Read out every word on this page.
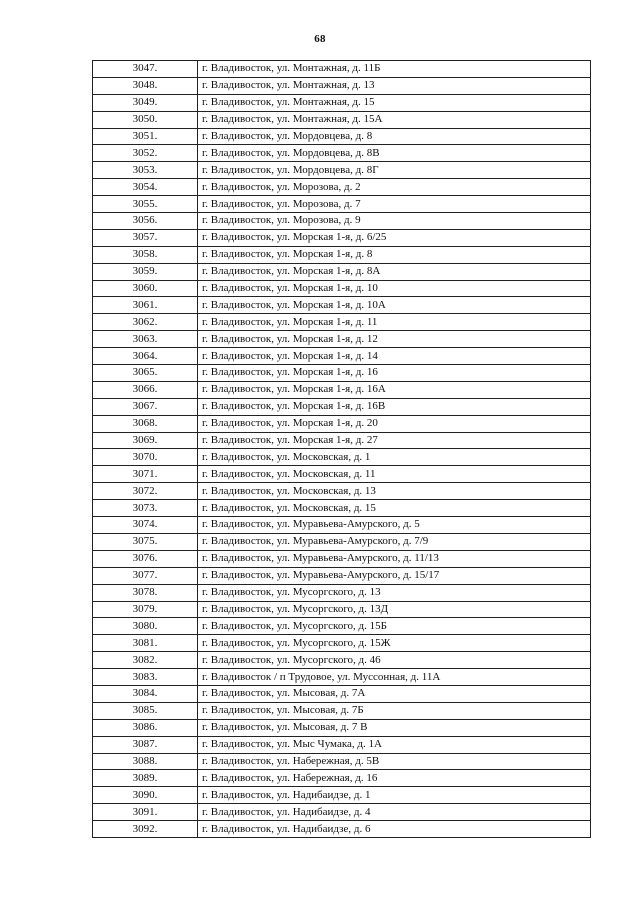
68
3047.	г. Владивосток, ул. Монтажная, д. 11Б
3048.	г. Владивосток, ул. Монтажная, д. 13
3049.	г. Владивосток, ул. Монтажная, д. 15
3050.	г. Владивосток, ул. Монтажная, д. 15А
3051.	г. Владивосток, ул. Мордовцева, д. 8
3052.	г. Владивосток, ул. Мордовцева, д. 8В
3053.	г. Владивосток, ул. Мордовцева, д. 8Г
3054.	г. Владивосток, ул. Морозова, д. 2
3055.	г. Владивосток, ул. Морозова, д. 7
3056.	г. Владивосток, ул. Морозова, д. 9
3057.	г. Владивосток, ул. Морская 1-я, д. 6/25
3058.	г. Владивосток, ул. Морская 1-я, д. 8
3059.	г. Владивосток, ул. Морская 1-я, д. 8А
3060.	г. Владивосток, ул. Морская 1-я, д. 10
3061.	г. Владивосток, ул. Морская 1-я, д. 10А
3062.	г. Владивосток, ул. Морская 1-я, д. 11
3063.	г. Владивосток, ул. Морская 1-я, д. 12
3064.	г. Владивосток, ул. Морская 1-я, д. 14
3065.	г. Владивосток, ул. Морская 1-я, д. 16
3066.	г. Владивосток, ул. Морская 1-я, д. 16А
3067.	г. Владивосток, ул. Морская 1-я, д. 16В
3068.	г. Владивосток, ул. Морская 1-я, д. 20
3069.	г. Владивосток, ул. Морская 1-я, д. 27
3070.	г. Владивосток, ул. Московская, д. 1
3071.	г. Владивосток, ул. Московская, д. 11
3072.	г. Владивосток, ул. Московская, д. 13
3073.	г. Владивосток, ул. Московская, д. 15
3074.	г. Владивосток, ул. Муравьева-Амурского, д. 5
3075.	г. Владивосток, ул. Муравьева-Амурского, д. 7/9
3076.	г. Владивосток, ул. Муравьева-Амурского, д. 11/13
3077.	г. Владивосток, ул. Муравьева-Амурского, д. 15/17
3078.	г. Владивосток, ул. Мусоргского, д. 13
3079.	г. Владивосток, ул. Мусоргского, д. 13Д
3080.	г. Владивосток, ул. Мусоргского, д. 15Б
3081.	г. Владивосток, ул. Мусоргского, д. 15Ж
3082.	г. Владивосток, ул. Мусоргского, д. 46
3083.	г. Владивосток / п Трудовое, ул. Муссонная, д. 11А
3084.	г. Владивосток, ул. Мысовая, д. 7А
3085.	г. Владивосток, ул. Мысовая, д. 7Б
3086.	г. Владивосток, ул. Мысовая, д. 7 В
3087.	г. Владивосток, ул. Мыс Чумака, д. 1А
3088.	г. Владивосток, ул. Набережная, д. 5В
3089.	г. Владивосток, ул. Набережная, д. 16
3090.	г. Владивосток, ул. Надибаидзе, д. 1
3091.	г. Владивосток, ул. Надибаидзе, д. 4
3092.	г. Владивосток, ул. Надибаидзе, д. 6
